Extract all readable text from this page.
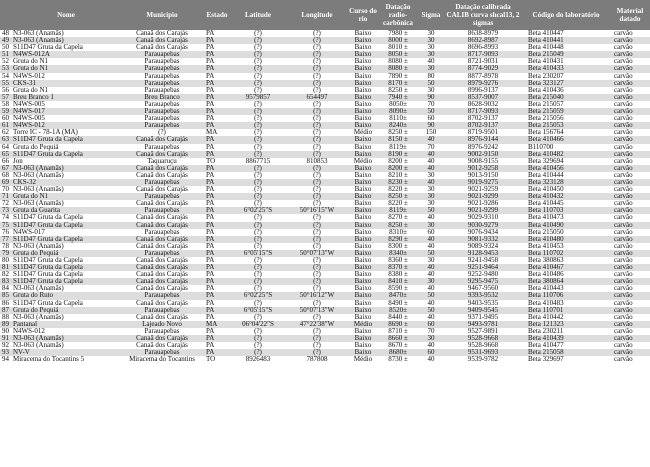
	Nome	Município	Estado	Latitude	Longitude	Curso do rio	Datação radio-carbônica	Sigma	Datação calibrada CALIB curva shcal13, 2 sigmas	Código do laboratório	Material datado
48	N3-063 (Anamãs)	Canaã dos Carajás	PA	(?)	(?)	Baixo	7980 ±	30	8638-8979	Beta 410447	carvão
49	N3-063 (Anamãs)	Canaã dos Carajás	PA	(?)	(?)	Baixo	8000 ±	30	8692-8987	Beta 410441	carvão
50	S11D47 Gruta da Capela	Canaã dos Carajás	PA	(?)	(?)	Baixo	8010 ±	30	8696-8993	Beta 410448	carvão
51	N4WS-012A	Parauapebas	PA	(?)	(?)	Baixo	8050 ±	30	8717-9093	Beta 215049	carvão
52	Gruta do N1	Parauapebas	PA	(?)	(?)	Baixo	8080 ±	40	8721-9031	Beta 410431	carvão
53	Gruta do N1	Parauapebas	PA	(?)	(?)	Baixo	8080 ±	30	8774-9029	Beta 410433	carvão
54	N4WS-012	Parauapebas	PA	(?)	(?)	Baixo	7890 ±	80	8877-8978	Beta 230207	carvão
55	CKS-31	Parauapebas	PA	(?)	(?)	Baixo	8170 ±	50	8979-9276	Beta 323127	carvão
56	Gruta do N1	Parauapebas	PA	(?)	(?)	Baixo	8250 ±	30	8996-9137	Beta 410436	carvão
57	Breu Branco 1	Breu Branco	PA	9579857	654497	Baixo	7940 ±	90	8537-9007	Beta 215040	carvão
58	N4WS-005	Parauapebas	PA	(?)	(?)	Baixo	8050±	70	8628-9032	Beta 215057	carvão
59	N4WS-017	Parauapebas	PA	(?)	(?)	Baixo	8090±	50	8717-9093	Beta 215059	carvão
60	N4WS-005	Parauapebas	PA	(?)	(?)	Baixo	8110±	60	8702-9137	Beta 215056	carvão
61	N4WS-012	Parauapebas	PA	(?)	(?)	Baixo	8240±	90	8702-9137	Beta 215053	carvão
62	Torre IC - 78-1A (MA)	(?)	MA	(?)	(?)	Médio	8250 ±	150	8719-9501	Beta 156764	carvão
63	S11D47 Gruta da Capela	Canaã dos Carajás	PA	(?)	(?)	Baixo	8150 ±	40	8976-9144	Beta 410466	carvão
64	Gruta do Pequiá	Parauapebas	PA	(?)	(?)	Baixo	8119±	70	8976-9242	B110700	carvão
65	S11D47 Gruta da Capela	Canaã dos Carajás	PA	(?)	(?)	Baixo	8190 ±	40	9002-9150	Beta 410482	carvão
66	Jon	Taquaruçu	TO	8867715	810853	Médio	8200 ±	40	9008-9155	Beta 329694	carvão
67	N3-063 (Anamãs)	Canaã dos Carajás	PA	(?)	(?)	Baixo	8200 ±	40	9012-9258	Beta 410456	carvão
68	N3-063 (Anamãs)	Canaã dos Carajás	PA	(?)	(?)	Baixo	8210 ±	30	9013-9150	Beta 410444	carvão
69	CKS-32	Parauapebas	PA	(?)	(?)	Baixo	8230 ±	40	9019-9275	Beta 323128	carvão
70	N3-063 (Anamãs)	Canaã dos Carajás	PA	(?)	(?)	Baixo	8220 ±	30	9021-9259	Beta 410450	carvão
71	Gruta do N1	Parauapebas	PA	(?)	(?)	Baixo	8250 ±	30	9021-9299	Beta 410432	carvão
72	N3-063 (Anamãs)	Canaã dos Carajás	PA	(?)	(?)	Baixo	8220 ±	30	9021-9286	Beta 410445	carvão
73	Gruta da Guarita	Parauapebas	PA	6°02'25"S	50°16'15"W	Baixo	8119±	50	9021-9299	Beta 110703	carvão
74	S11D47 Gruta da Capela	Canaã dos Carajás	PA	(?)	(?)	Baixo	8270 ±	40	9029-9310	Beta 410473	carvão
75	S11D47 Gruta da Capela	Canaã dos Carajás	PA	(?)	(?)	Baixo	8250 ±	30	9030-9279	Beta 410490	carvão
76	N4WS-017	Parauapebas	PA	(?)	(?)	Baixo	8310±	60	9076-9434	Beta 215050	carvão
77	S11D47 Gruta da Capela	Canaã dos Carajás	PA	(?)	(?)	Baixo	8290 ±	40	9081-9332	Beta 410480	carvão
78	N3-063 (Anamãs)	Canaã dos Carajás	PA	(?)	(?)	Baixo	8300 ±	40	9089-9324	Beta 410453	carvão
79	Gruta do Pequiá	Parauapebas	PA	6°05'15"S	50°07'13"W	Baixo	8340±	50	9128-9453	Beta 110702	carvão
80	S11D47 Gruta da Capela	Canaã dos Carajás	PA	(?)	(?)	Baixo	8360 ±	30	9241-9458	Beta 380863	carvão
81	S11D47 Gruta da Capela	Canaã dos Carajás	PA	(?)	(?)	Baixo	8370 ±	40	9251-9464	Beta 410467	carvão
82	S11D47 Gruta da Capela	Canaã dos Carajás	PA	(?)	(?)	Baixo	8380 ±	40	9252-9480	Beta 410486	carvão
83	S11D47 Gruta da Capela	Canaã dos Carajás	PA	(?)	(?)	Baixo	8410 ±	30	9295-9475	Beta 380864	carvão
84	N3-063 (Anamãs)	Canaã dos Carajás	PA	(?)	(?)	Baixo	8590 ±	40	9467-9560	Beta 410443	carvão
85	Gruta do Ruto	Parauapebas	PA	6°02'25"S	50°16'12"W	Baixo	8470±	50	9393-9532	Beta 110706	carvão
86	S11D47 Gruta da Capela	Canaã dos Carajás	PA	(?)	(?)	Baixo	8490 ±	40	9403-9535	Beta 410483	carvão
87	Gruta do Pequiá	Parauapebas	PA	6°05'15"S	50°07'13"W	Baixo	8520±	50	9409-9545	Beta 110701	carvão
88	N3-063 (Anamãs)	Canaã dos Carajás	PA	(?)	(?)	Baixo	8440 ±	40	9371-9495	Beta 410442	carvão
89	Pantanal	Lajeado Novo	MA	06°04'22"S	47°22'38"W	Médio	8690 ±	60	9493-9781	Beta 121323	carvão
90	N4WS-012	Parauapebas	PA	(?)	(?)	Baixo	8710 ±	70	9527-9891	Beta 230211	carvão
91	N3-063 (Anamãs)	Canaã dos Carajás	PA	(?)	(?)	Baixo	8660 ±	30	9528-9668	Beta 410439	carvão
92	N3-063 (Anamãs)	Canaã dos Carajás	PA	(?)	(?)	Baixo	8670 ±	40	9528-9668	Beta 410477	carvão
93	NV-V	Parauapebas	PA	(?)	(?)	Baixo	8680±	60	9531-9693	Beta 215058	carvão
94	Miracema do Tocantins 5	Miracema do Tocantins	TO	8926483	787808	Médio	8730 ±	40	9539-9782	Beta 329697	carvão
